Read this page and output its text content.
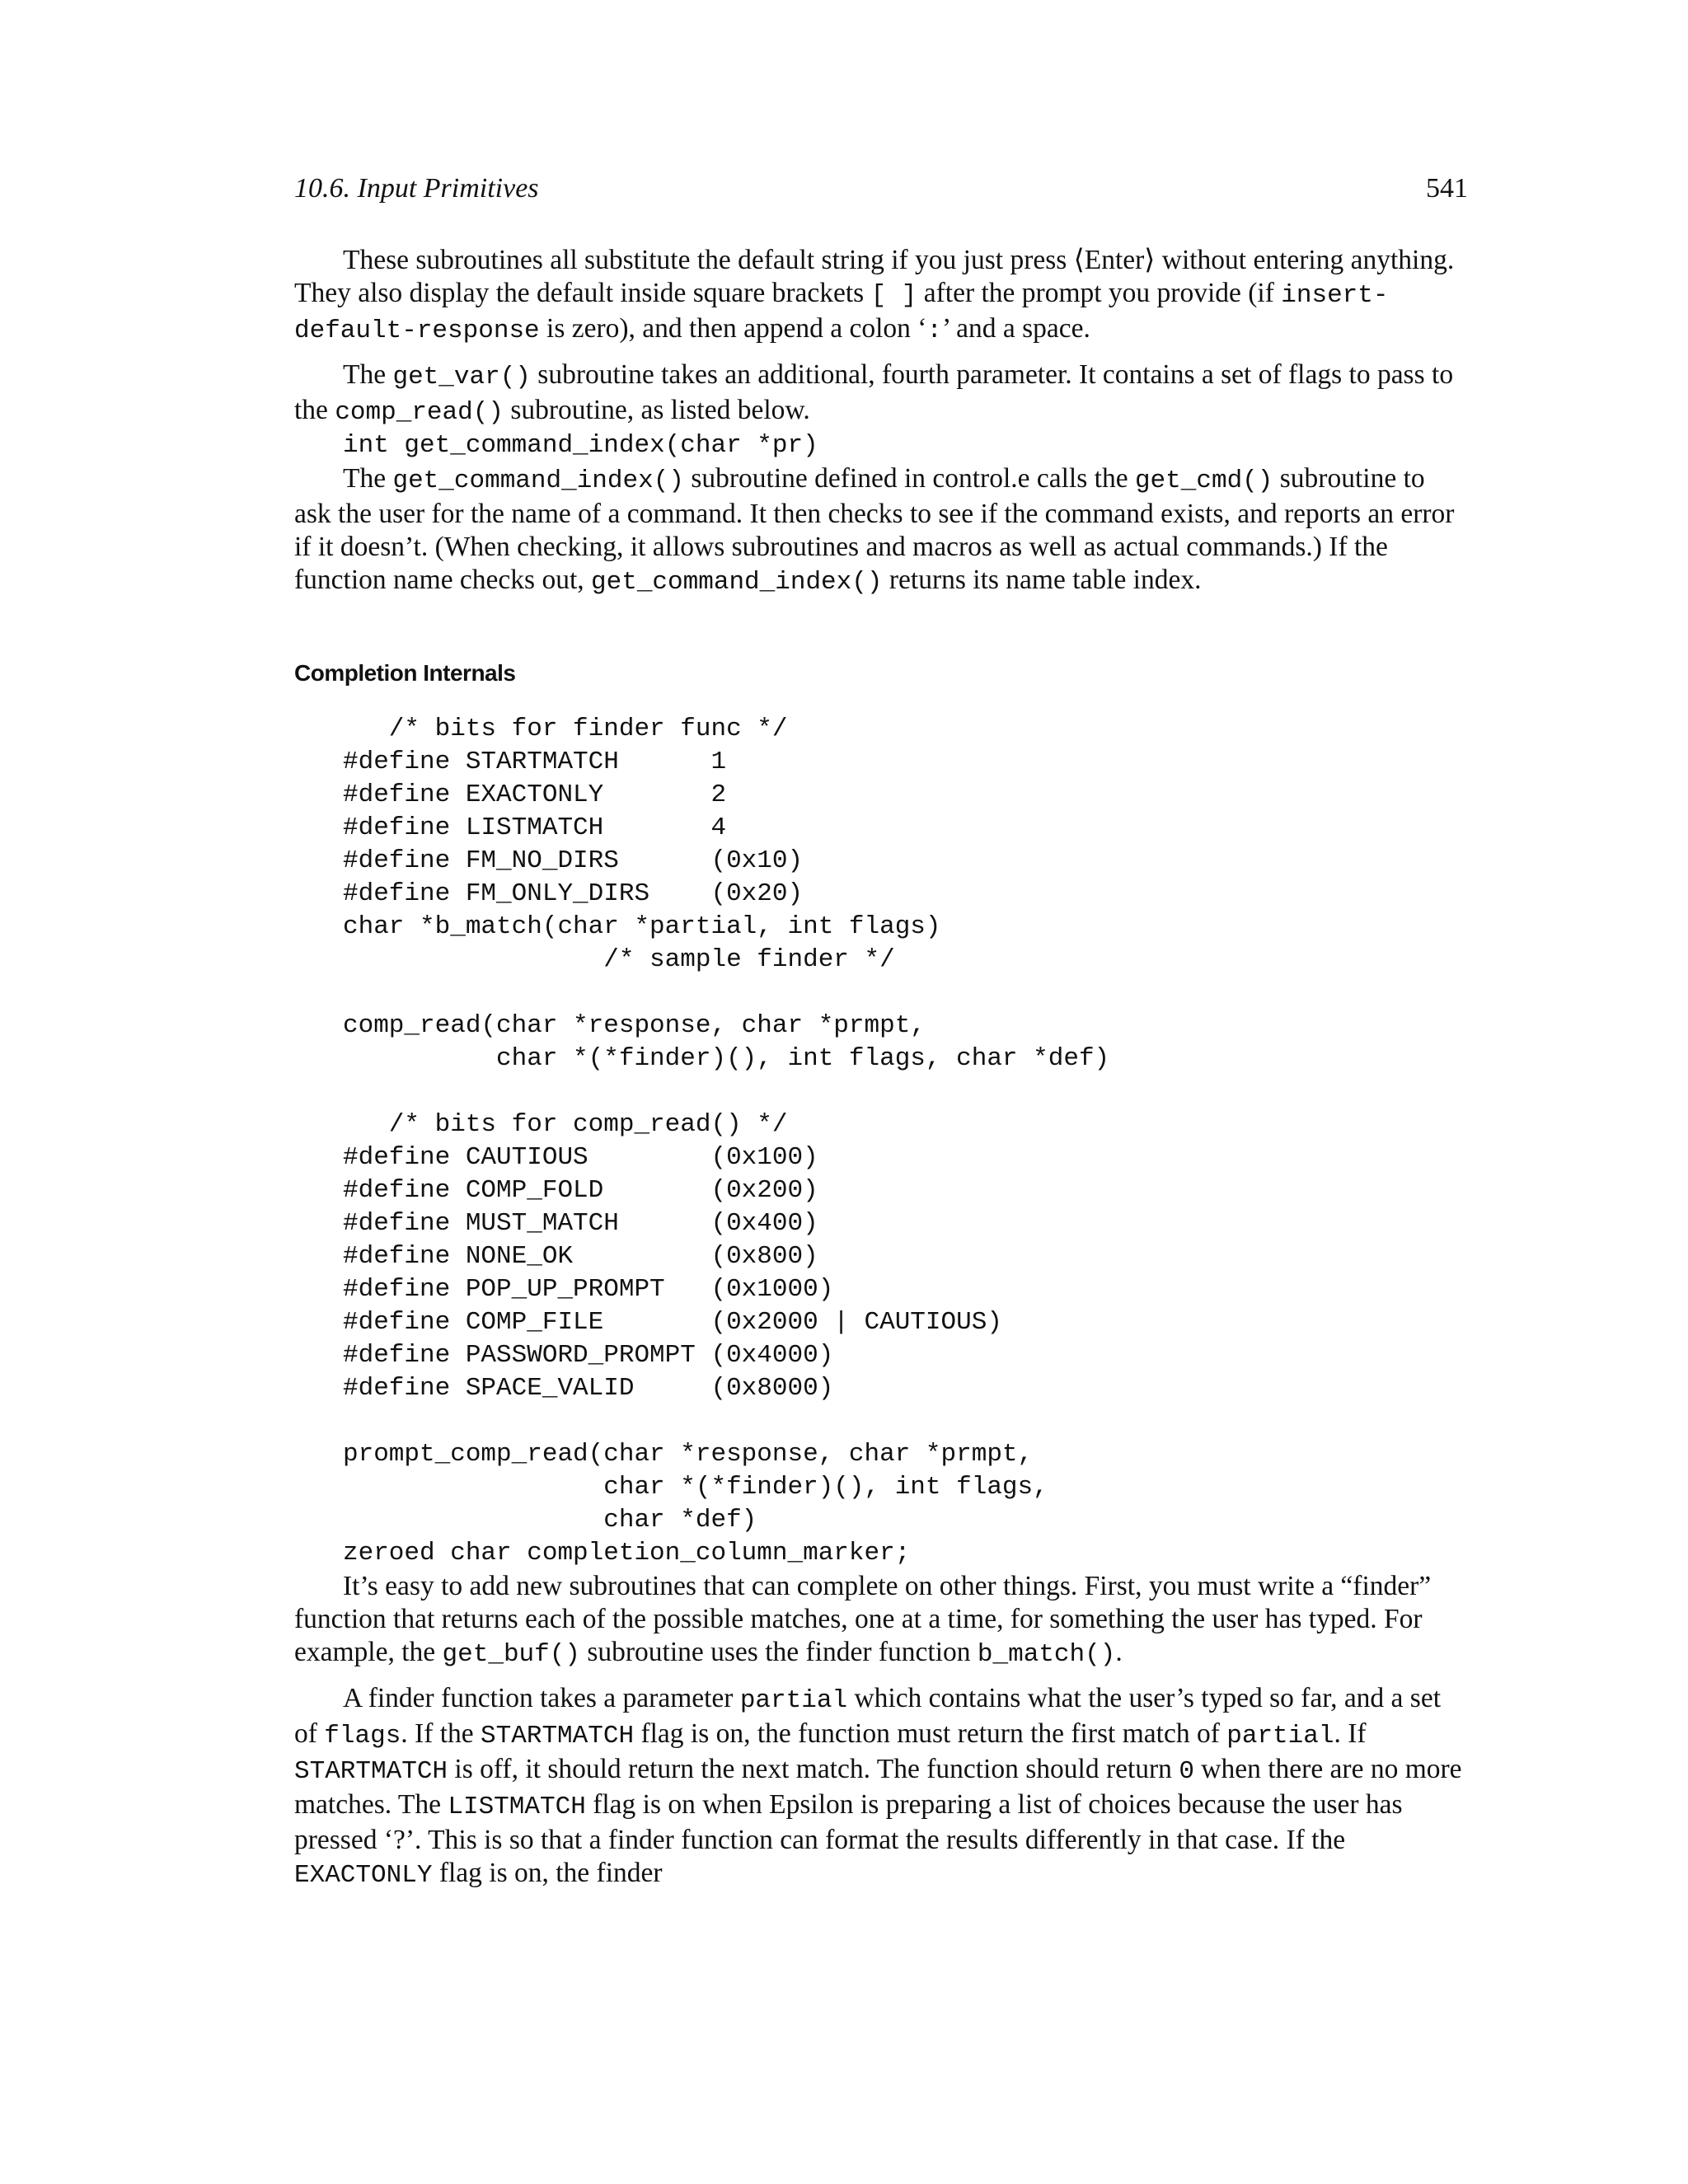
10.6. Input Primitives	541

These subroutines all substitute the default string if you just press ⟨Enter⟩ without entering anything. They also display the default inside square brackets [ ] after the prompt you provide (if insert-default-response is zero), and then append a colon ‘:’ and a space.

The get_var() subroutine takes an additional, fourth parameter. It contains a set of flags to pass to the comp_read() subroutine, as listed below.

int get_command_index(char *pr)

The get_command_index() subroutine defined in control.e calls the get_cmd() subroutine to ask the user for the name of a command. It then checks to see if the command exists, and reports an error if it doesn’t. (When checking, it allows subroutines and macros as well as actual commands.) If the function name checks out, get_command_index() returns its name table index.

Completion Internals
/* bits for finder func */
#define STARTMATCH      1
#define EXACTONLY       2
#define LISTMATCH       4
#define FM_NO_DIRS      (0x10)
#define FM_ONLY_DIRS    (0x20)
char *b_match(char *partial, int flags)
/* sample finder */
comp_read(char *response, char *prmpt,
char *(*finder)(), int flags, char *def)
/* bits for comp_read() */
#define CAUTIOUS        (0x100)
#define COMP_FOLD       (0x200)
#define MUST_MATCH      (0x400)
#define NONE_OK         (0x800)
#define POP_UP_PROMPT   (0x1000)
#define COMP_FILE       (0x2000 | CAUTIOUS)
#define PASSWORD_PROMPT (0x4000)
#define SPACE_VALID     (0x8000)
prompt_comp_read(char *response, char *prmpt,
char *(*finder)(), int flags,
char *def)
zeroed char completion_column_marker;

It’s easy to add new subroutines that can complete on other things. First, you must write a “finder” function that returns each of the possible matches, one at a time, for something the user has typed. For example, the get_buf() subroutine uses the finder function b_match().

A finder function takes a parameter partial which contains what the user’s typed so far, and a set of flags. If the STARTMATCH flag is on, the function must return the first match of partial. If STARTMATCH is off, it should return the next match. The function should return 0 when there are no more matches. The LISTMATCH flag is on when Epsilon is preparing a list of choices because the user has pressed ‘?’. This is so that a finder function can format the results differently in that case. If the EXACTONLY flag is on, the finder
